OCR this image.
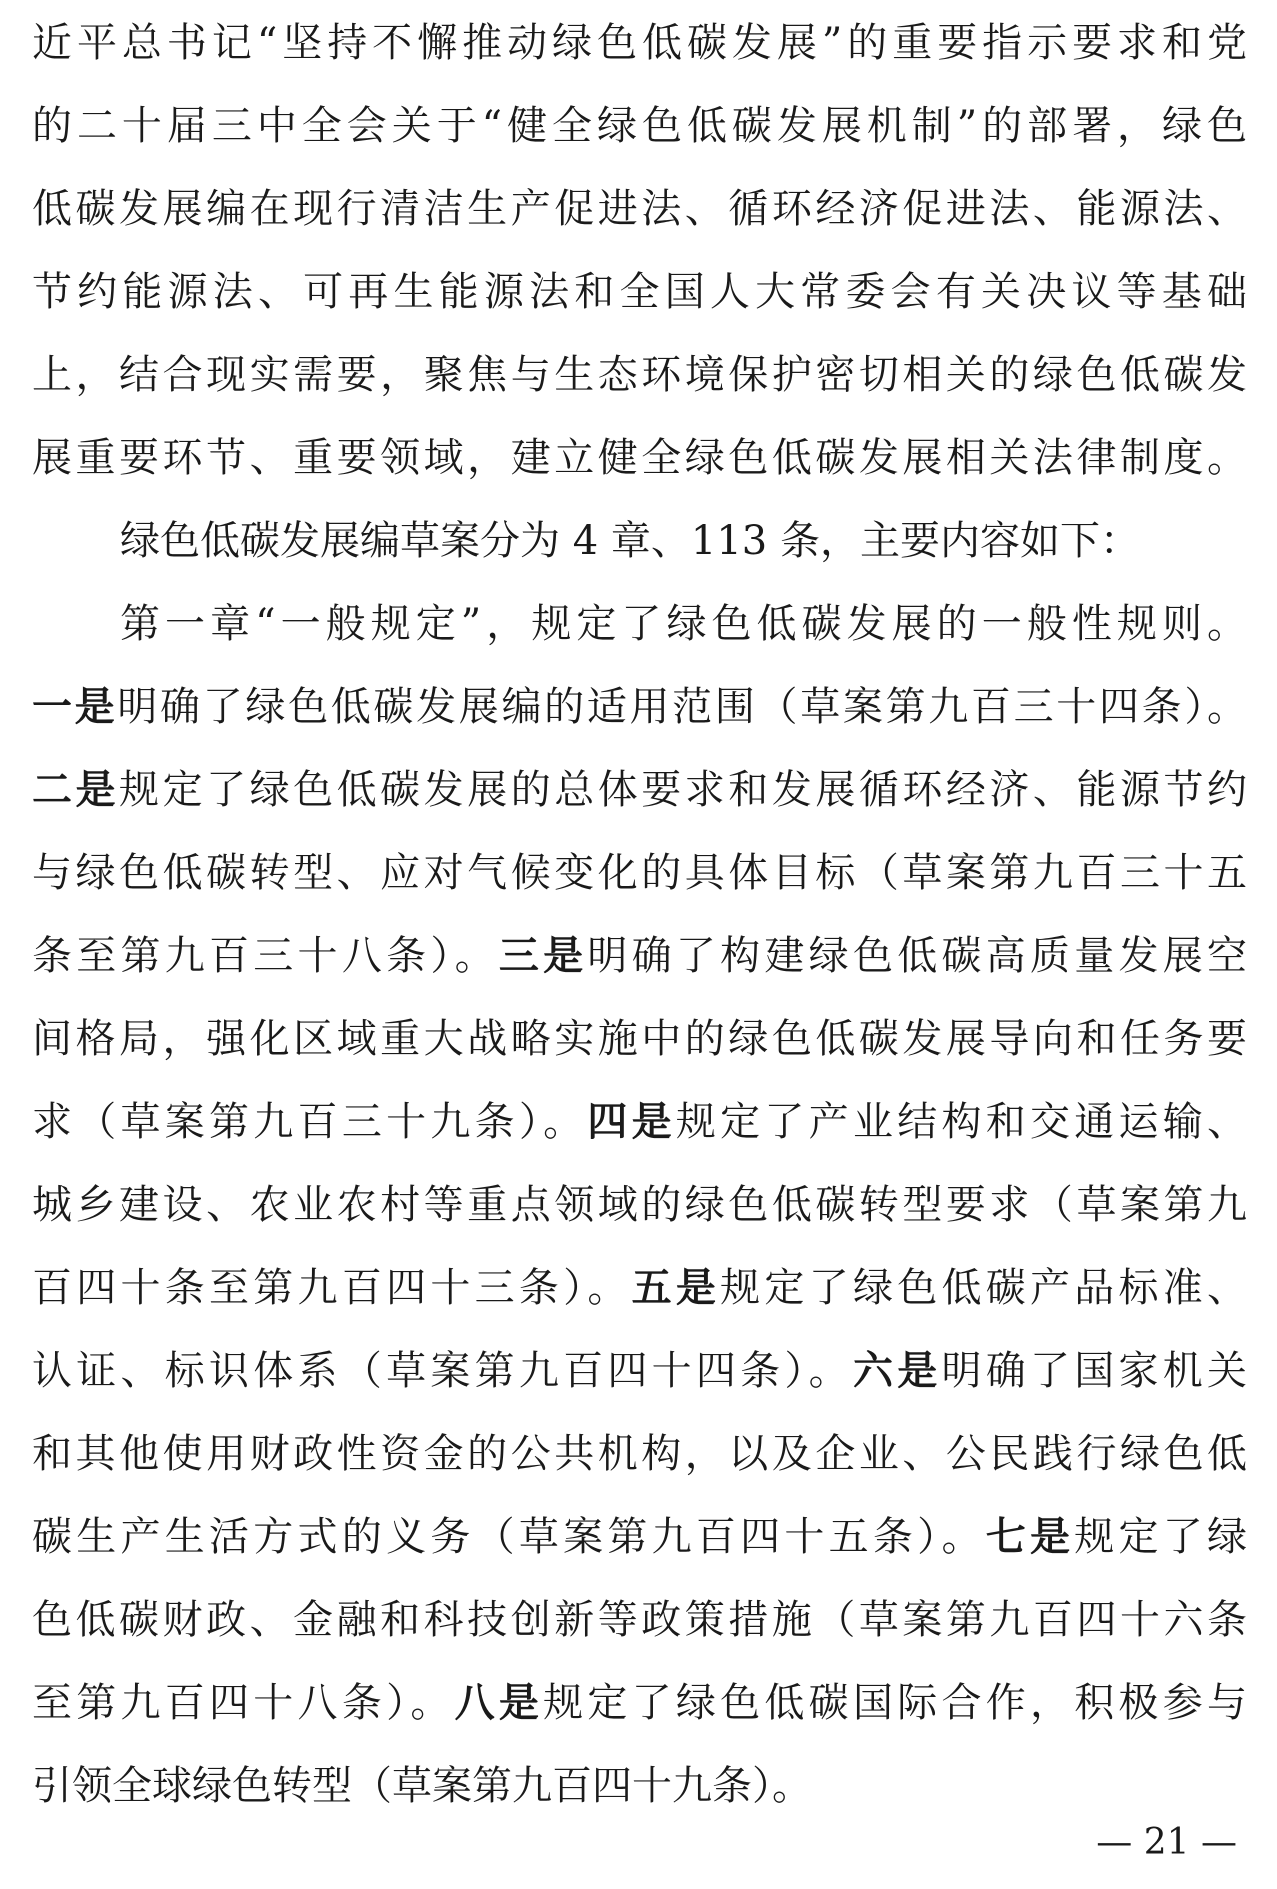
近平总书记“坚持不懈推动绿色低碳发展”的重要指示要求和党
的二十届三中全会关于“健全绿色低碳发展机制”的部署，绿色
低碳发展编在现行清洁生产促进法、循环经济促进法、能源法、
节约能源法、可再生能源法和全国人大常委会有关决议等基础
上，结合现实需要，聚焦与生态环境保护密切相关的绿色低碳发
展重要环节、重要领域，建立健全绿色低碳发展相关法律制度。
绿色低碳发展编草案分为 4 章、113 条，主要内容如下：
第一章“一般规定”，规定了绿色低碳发展的一般性规则。
一是明确了绿色低碳发展编的适用范围（草案第九百三十四条）。
二是规定了绿色低碳发展的总体要求和发展循环经济、能源节约
与绿色低碳转型、应对气候变化的具体目标（草案第九百三十五
条至第九百三十八条）。三是明确了构建绿色低碳高质量发展空
间格局，强化区域重大战略实施中的绿色低碳发展导向和任务要
求（草案第九百三十九条）。四是规定了产业结构和交通运输、
城乡建设、农业农村等重点领域的绿色低碳转型要求（草案第九
百四十条至第九百四十三条）。五是规定了绿色低碳产品标准、
认证、标识体系（草案第九百四十四条）。六是明确了国家机关
和其他使用财政性资金的公共机构，以及企业、公民践行绿色低
碳生产生活方式的义务（草案第九百四十五条）。七是规定了绿
色低碳财政、金融和科技创新等政策措施（草案第九百四十六条
至第九百四十八条）。八是规定了绿色低碳国际合作，积极参与
引领全球绿色转型（草案第九百四十九条）。
— 21 —
